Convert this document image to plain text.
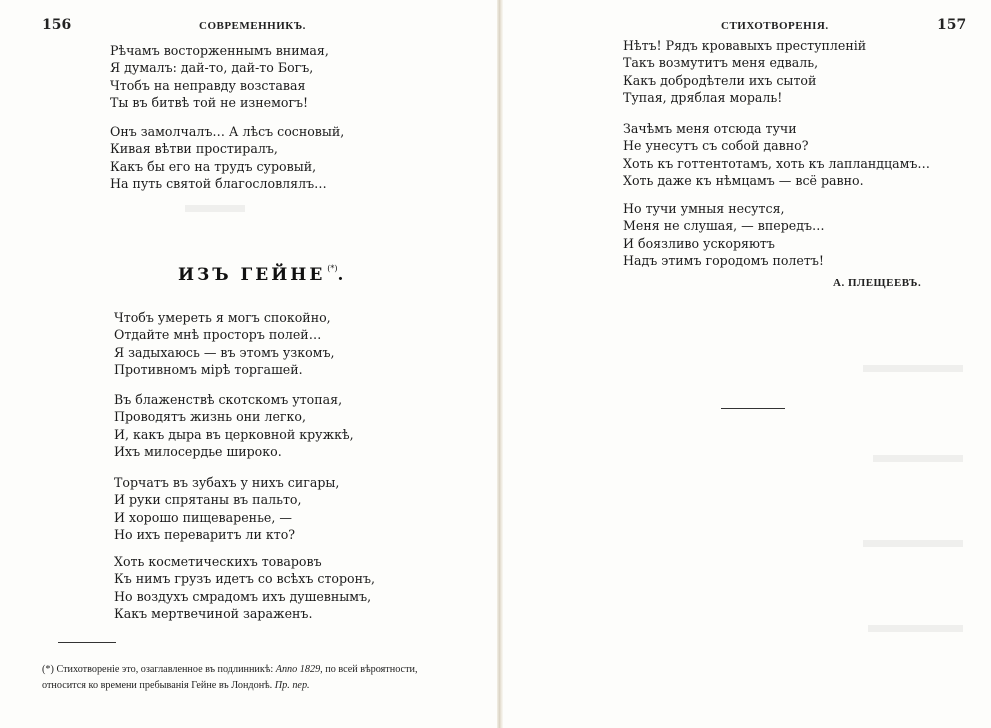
156	СОВРЕМЕННИКЪ.
Рѣчамъ восторженнымъ внимая,
Я думалъ: дай-то, дай-то Богъ,
Чтобъ на неправду возставая
Ты въ битвѣ той не изнемогъ!
Онъ замолчалъ… А лѣсъ сосновый,
Кивая вѣтви простиралъ,
Какъ бы его на трудъ суровый,
На путь святой благословлялъ…
ИЗЪ ГЕЙНЕ (*).
Чтобъ умереть я могъ спокойно,
Отдайте мнѣ просторъ полей…
Я задыхаюсь — въ этомъ узкомъ,
Противномъ мірѣ торгашей.
Въ блаженствѣ скотскомъ утопая,
Проводятъ жизнь они легко,
И, какъ дыра въ церковной кружкѣ,
Ихъ милосердье широко.
Торчатъ въ зубахъ у нихъ сигары,
И руки спрятаны въ пальто,
И хорошо пищеваренье, —
Но ихъ переваритъ ли кто?
Хоть косметическихъ товаровъ
Къ нимъ грузъ идетъ со всѣхъ сторонъ,
Но воздухъ смрадомъ ихъ душевнымъ,
Какъ мертвечиной зараженъ.
(*) Стихотвореніе это, озаглавленное въ подлинникѣ: Anno 1829, по всей вѣроятности, относится ко времени пребыванія Гейне въ Лондонѣ. Пр. пер.
СТИХОТВОРЕНІЯ.	157
Нѣтъ! Рядъ кровавыхъ преступленій
Такъ возмутитъ меня едваль,
Какъ добродѣтели ихъ сытой
Тупая, дряблая мораль!
Зачѣмъ меня отсюда тучи
Не унесутъ съ собой давно?
Хоть къ готтентотамъ, хоть къ лапландцамъ…
Хоть даже къ нѣмцамъ — всё равно.
Но тучи умныя несутся,
Меня не слушая, — впередъ…
И боязливо ускоряютъ
Надъ этимъ городомъ полетъ!
А. ПЛЕЩЕЕВЪ.
